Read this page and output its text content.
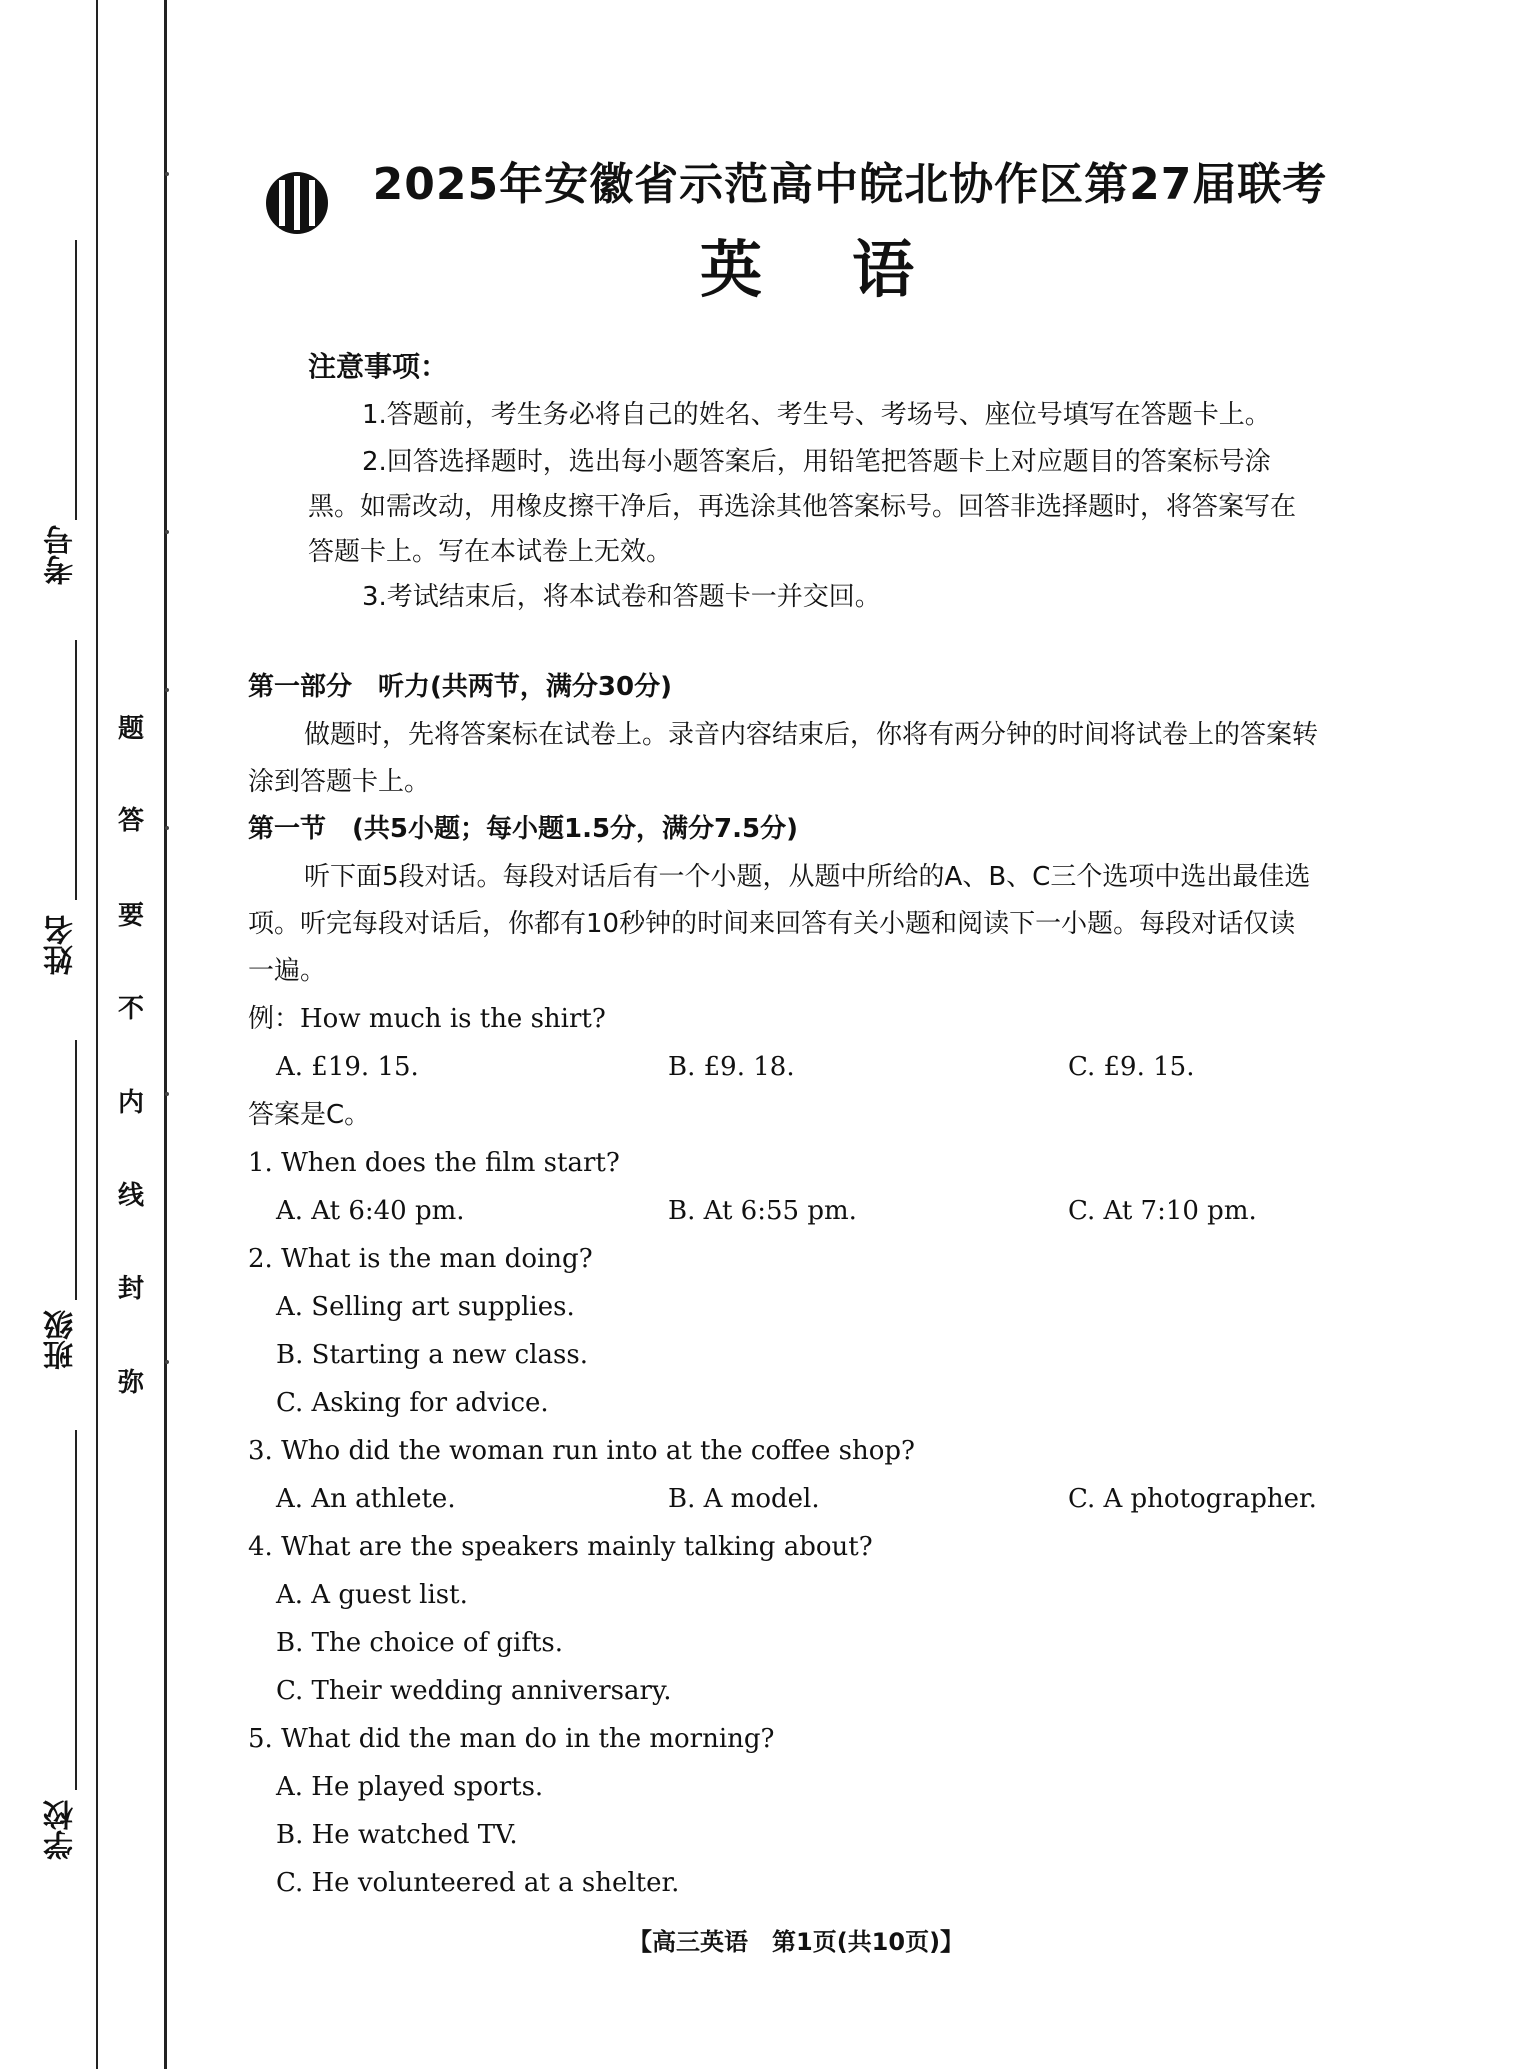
考号
姓名
班级
学校
题
答
要
不
内
线
封
弥
2025年安徽省示范高中皖北协作区第27届联考
英语
注意事项：
1.答题前，考生务必将自己的姓名、考生号、考场号、座位号填写在答题卡上。
2.回答选择题时，选出每小题答案后，用铅笔把答题卡上对应题目的答案标号涂
黑。如需改动，用橡皮擦干净后，再选涂其他答案标号。回答非选择题时，将答案写在
答题卡上。写在本试卷上无效。
3.考试结束后，将本试卷和答题卡一并交回。
第一部分　听力(共两节，满分30分)
做题时，先将答案标在试卷上。录音内容结束后，你将有两分钟的时间将试卷上的答案转
涂到答题卡上。
第一节　(共5小题；每小题1.5分，满分7.5分)
听下面5段对话。每段对话后有一个小题，从题中所给的A、B、C三个选项中选出最佳选
项。听完每段对话后，你都有10秒钟的时间来回答有关小题和阅读下一小题。每段对话仅读
一遍。
例：How much is the shirt?
A. £19. 15.	B. £9. 18.	C. £9. 15.
答案是C。
1. When does the film start?
A. At 6:40 pm.	B. At 6:55 pm.	C. At 7:10 pm.
2. What is the man doing?
A. Selling art supplies.
B. Starting a new class.
C. Asking for advice.
3. Who did the woman run into at the coffee shop?
A. An athlete.	B. A model.	C. A photographer.
4. What are the speakers mainly talking about?
A. A guest list.
B. The choice of gifts.
C. Their wedding anniversary.
5. What did the man do in the morning?
A. He played sports.
B. He watched TV.
C. He volunteered at a shelter.
【高三英语　第1页(共10页)】
